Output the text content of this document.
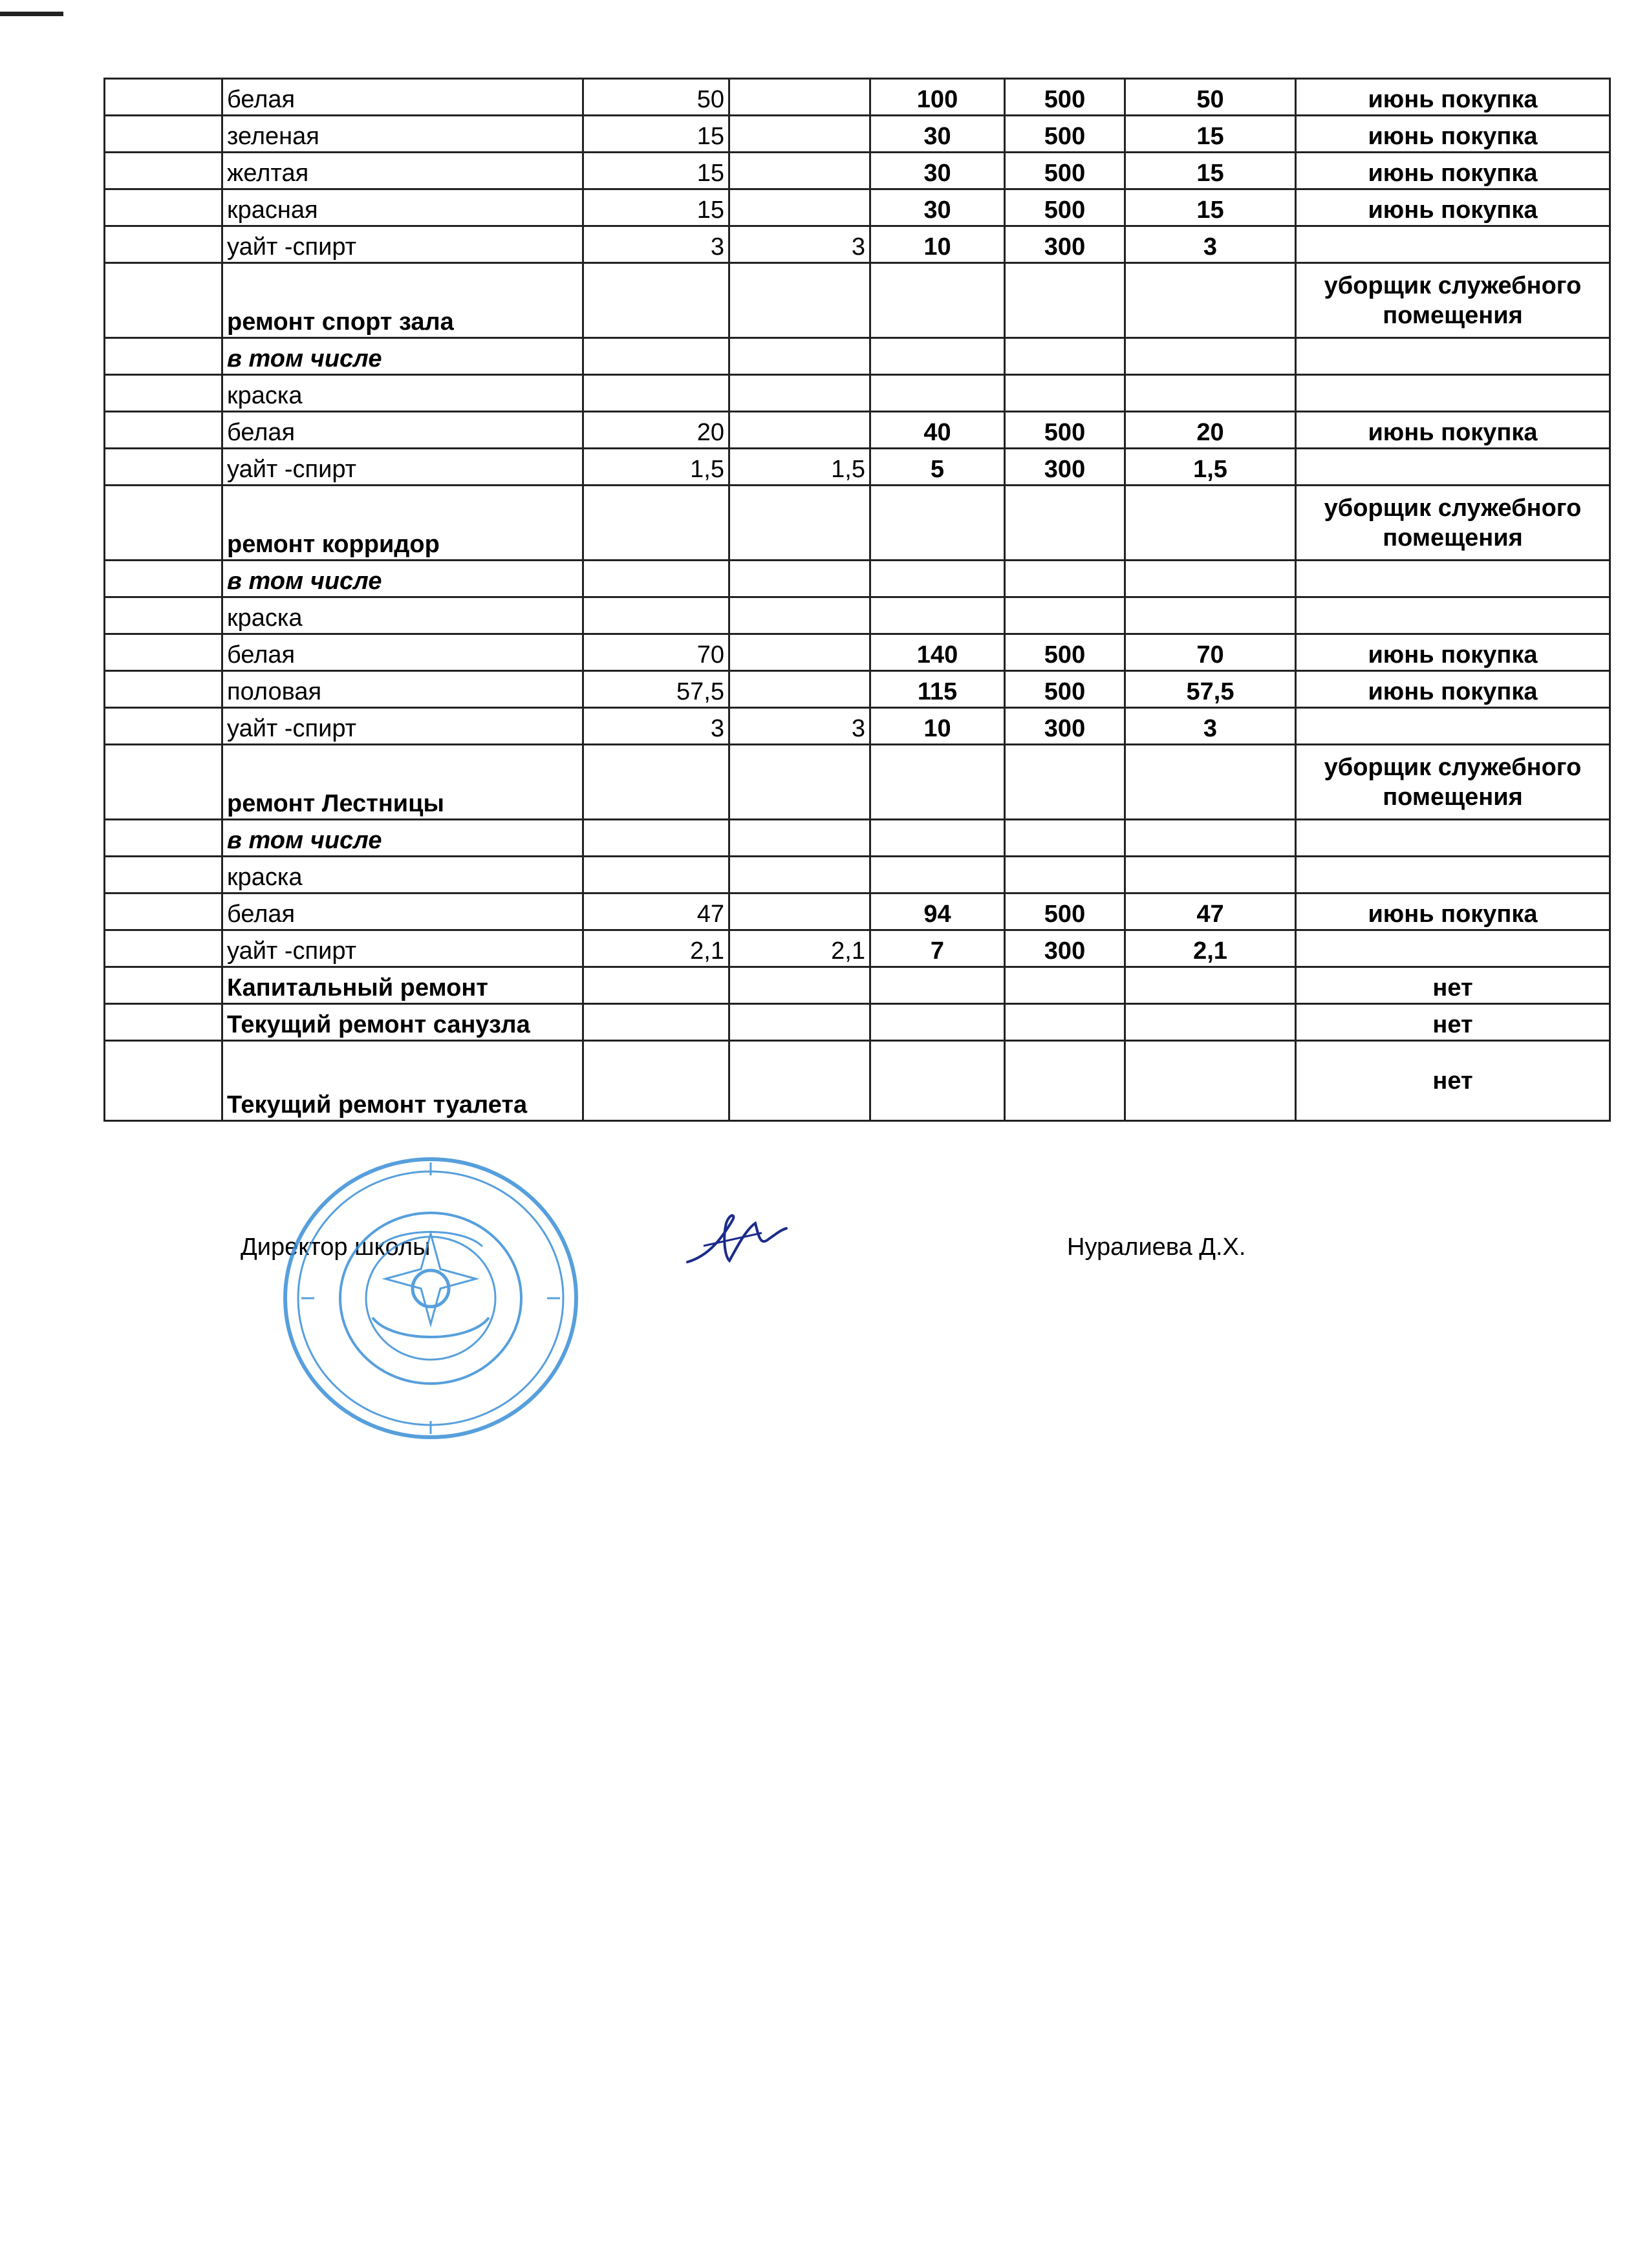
	белая	50		100	500	50	июнь покупка
	зеленая	15		30	500	15	июнь покупка
	желтая	15		30	500	15	июнь покупка
	красная	15		30	500	15	июнь покупка
	уайт -спирт	3	3	10	300	3	
	ремонт спорт зала						уборщик служебного помещения
	в том числе						
	краска						
	белая	20		40	500	20	июнь покупка
	уайт -спирт	1,5	1,5	5	300	1,5	
	ремонт корридор						уборщик служебного помещения
	в том числе						
	краска						
	белая	70		140	500	70	июнь покупка
	половая	57,5		115	500	57,5	июнь покупка
	уайт -спирт	3	3	10	300	3	
	ремонт Лестницы						уборщик служебного помещения
	в том числе						
	краска						
	белая	47		94	500	47	июнь покупка
	уайт -спирт	2,1	2,1	7	300	2,1	
	Капитальный ремонт						нет
	Текущий ремонт санузла						нет
	Текущий ремонт туалета						нет
Директор школы	Нуралиева Д.Х.
